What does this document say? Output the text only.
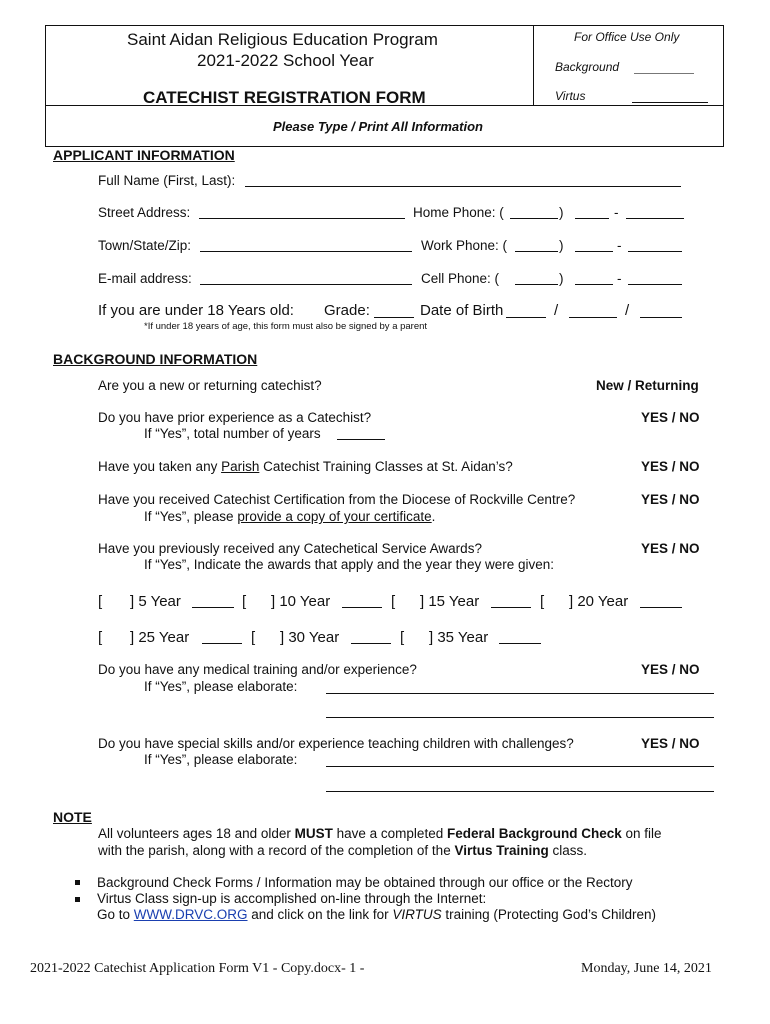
Saint Aidan Religious Education Program
2021-2022 School Year
CATECHIST REGISTRATION FORM
For Office Use Only
Background
Virtus
Please Type / Print All Information
APPLICANT INFORMATION
Full Name (First, Last):
Street Address:	Home Phone: (	)	-
Town/State/Zip:	Work Phone: (	)	-
E-mail address:	Cell Phone: (	)	-
If you are under 18 Years old: Grade:	Date of Birth	/	/
*If under 18 years of age, this form must also be signed by a parent
BACKGROUND INFORMATION
Are you a new or returning catechist?	New / Returning
Do you have prior experience as a Catechist?	YES / NO
If “Yes”, total number of years
Have you taken any Parish Catechist Training Classes at St. Aidan’s?	YES / NO
Have you received Catechist Certification from the Diocese of Rockville Centre?	YES / NO
If “Yes”, please provide a copy of your certificate.
Have you previously received any Catechetical Service Awards?	YES / NO
If “Yes”, Indicate the awards that apply and the year they were given:
[ ] 5 Year	[ ] 10 Year	[ ] 15 Year	[ ] 20 Year
[ ] 25 Year	[ ] 30 Year	[ ] 35 Year
Do you have any medical training and/or experience?	YES / NO
If “Yes”, please elaborate:
Do you have special skills and/or experience teaching children with challenges?	YES / NO
If “Yes”, please elaborate:
NOTE
All volunteers ages 18 and older MUST have a completed Federal Background Check on file
with the parish, along with a record of the completion of the Virtus Training class.
Background Check Forms / Information may be obtained through our office or the Rectory
Virtus Class sign-up is accomplished on-line through the Internet:
Go to WWW.DRVC.ORG and click on the link for VIRTUS training (Protecting God’s Children)
2021-2022 Catechist Application Form V1 - Copy.docx- 1 -	Monday, June 14, 2021
